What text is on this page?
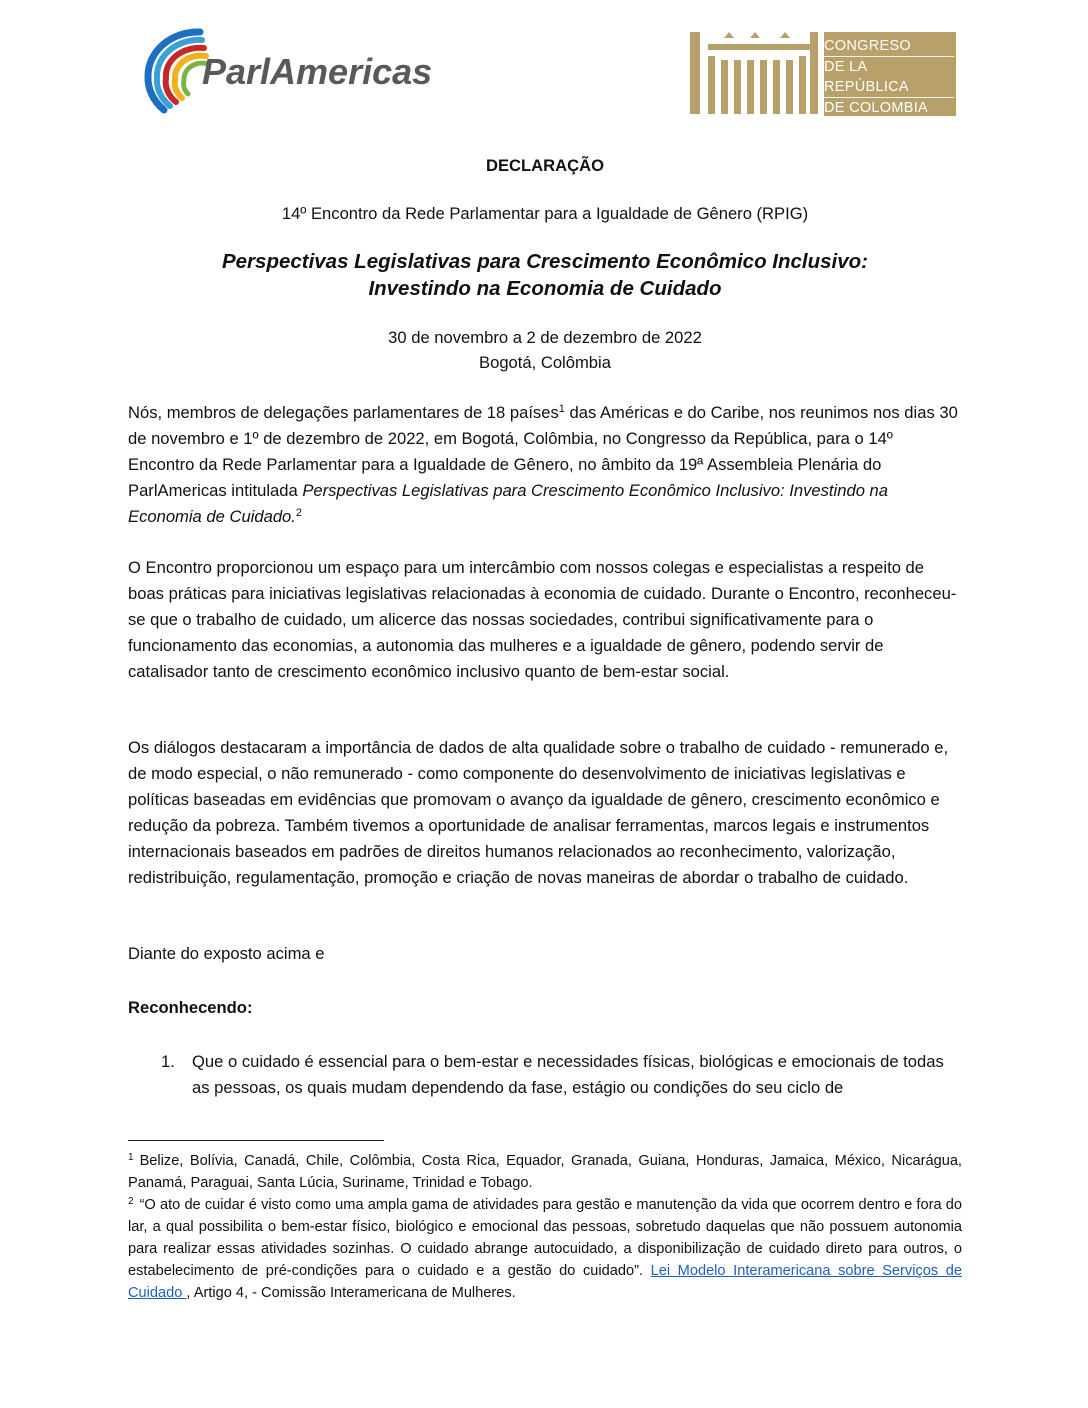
ParlAmericas
CONGRESO
DE LA REPÚBLICA
DE COLOMBIA
DECLARAÇÃO
14º Encontro da Rede Parlamentar para a Igualdade de Gênero (RPIG)
Perspectivas Legislativas para Crescimento Econômico Inclusivo:
Investindo na Economia de Cuidado
30 de novembro a 2 de dezembro de 2022
Bogotá, Colômbia
Nós, membros de delegações parlamentares de 18 países$^1$ das Américas e do Caribe, nos reunimos nos dias 30 de novembro e 1º de dezembro de 2022, em Bogotá, Colômbia, no Congresso da República, para o 14º Encontro da Rede Parlamentar para a Igualdade de Gênero, no âmbito da 19ª Assembleia Plenária do ParlAmericas intitulada Perspectivas Legislativas para Crescimento Econômico Inclusivo: Investindo na Economia de Cuidado.$^2$
O Encontro proporcionou um espaço para um intercâmbio com nossos colegas e especialistas a respeito de boas práticas para iniciativas legislativas relacionadas à economia de cuidado. Durante o Encontro, reconheceu-se que o trabalho de cuidado, um alicerce das nossas sociedades, contribui significativamente para o funcionamento das economias, a autonomia das mulheres e a igualdade de gênero, podendo servir de catalisador tanto de crescimento econômico inclusivo quanto de bem-estar social.
Os diálogos destacaram a importância de dados de alta qualidade sobre o trabalho de cuidado - remunerado e, de modo especial, o não remunerado - como componente do desenvolvimento de iniciativas legislativas e políticas baseadas em evidências que promovam o avanço da igualdade de gênero, crescimento econômico e redução da pobreza. Também tivemos a oportunidade de analisar ferramentas, marcos legais e instrumentos internacionais baseados em padrões de direitos humanos relacionados ao reconhecimento, valorização, redistribuição, regulamentação, promoção e criação de novas maneiras de abordar o trabalho de cuidado.
Diante do exposto acima e
Reconhecendo:
1. Que o cuidado é essencial para o bem-estar e necessidades físicas, biológicas e emocionais de todas as pessoas, os quais mudam dependendo da fase, estágio ou condições do seu ciclo de

$^1$ Belize, Bolívia, Canadá, Chile, Colômbia, Costa Rica, Equador, Granada, Guiana, Honduras, Jamaica, México, Nicarágua, Panamá, Paraguai, Santa Lúcia, Suriname, Trinidad e Tobago.

$^2$ “O ato de cuidar é visto como uma ampla gama de atividades para gestão e manutenção da vida que ocorrem dentro e fora do lar, a qual possibilita o bem-estar físico, biológico e emocional das pessoas, sobretudo daquelas que não possuem autonomia para realizar essas atividades sozinhas. O cuidado abrange autocuidado, a disponibilização de cuidado direto para outros, o estabelecimento de pré-condições para o cuidado e a gestão do cuidado”. Lei Modelo Interamericana sobre Serviços de Cuidado , Artigo 4, - Comissão Interamericana de Mulheres.
